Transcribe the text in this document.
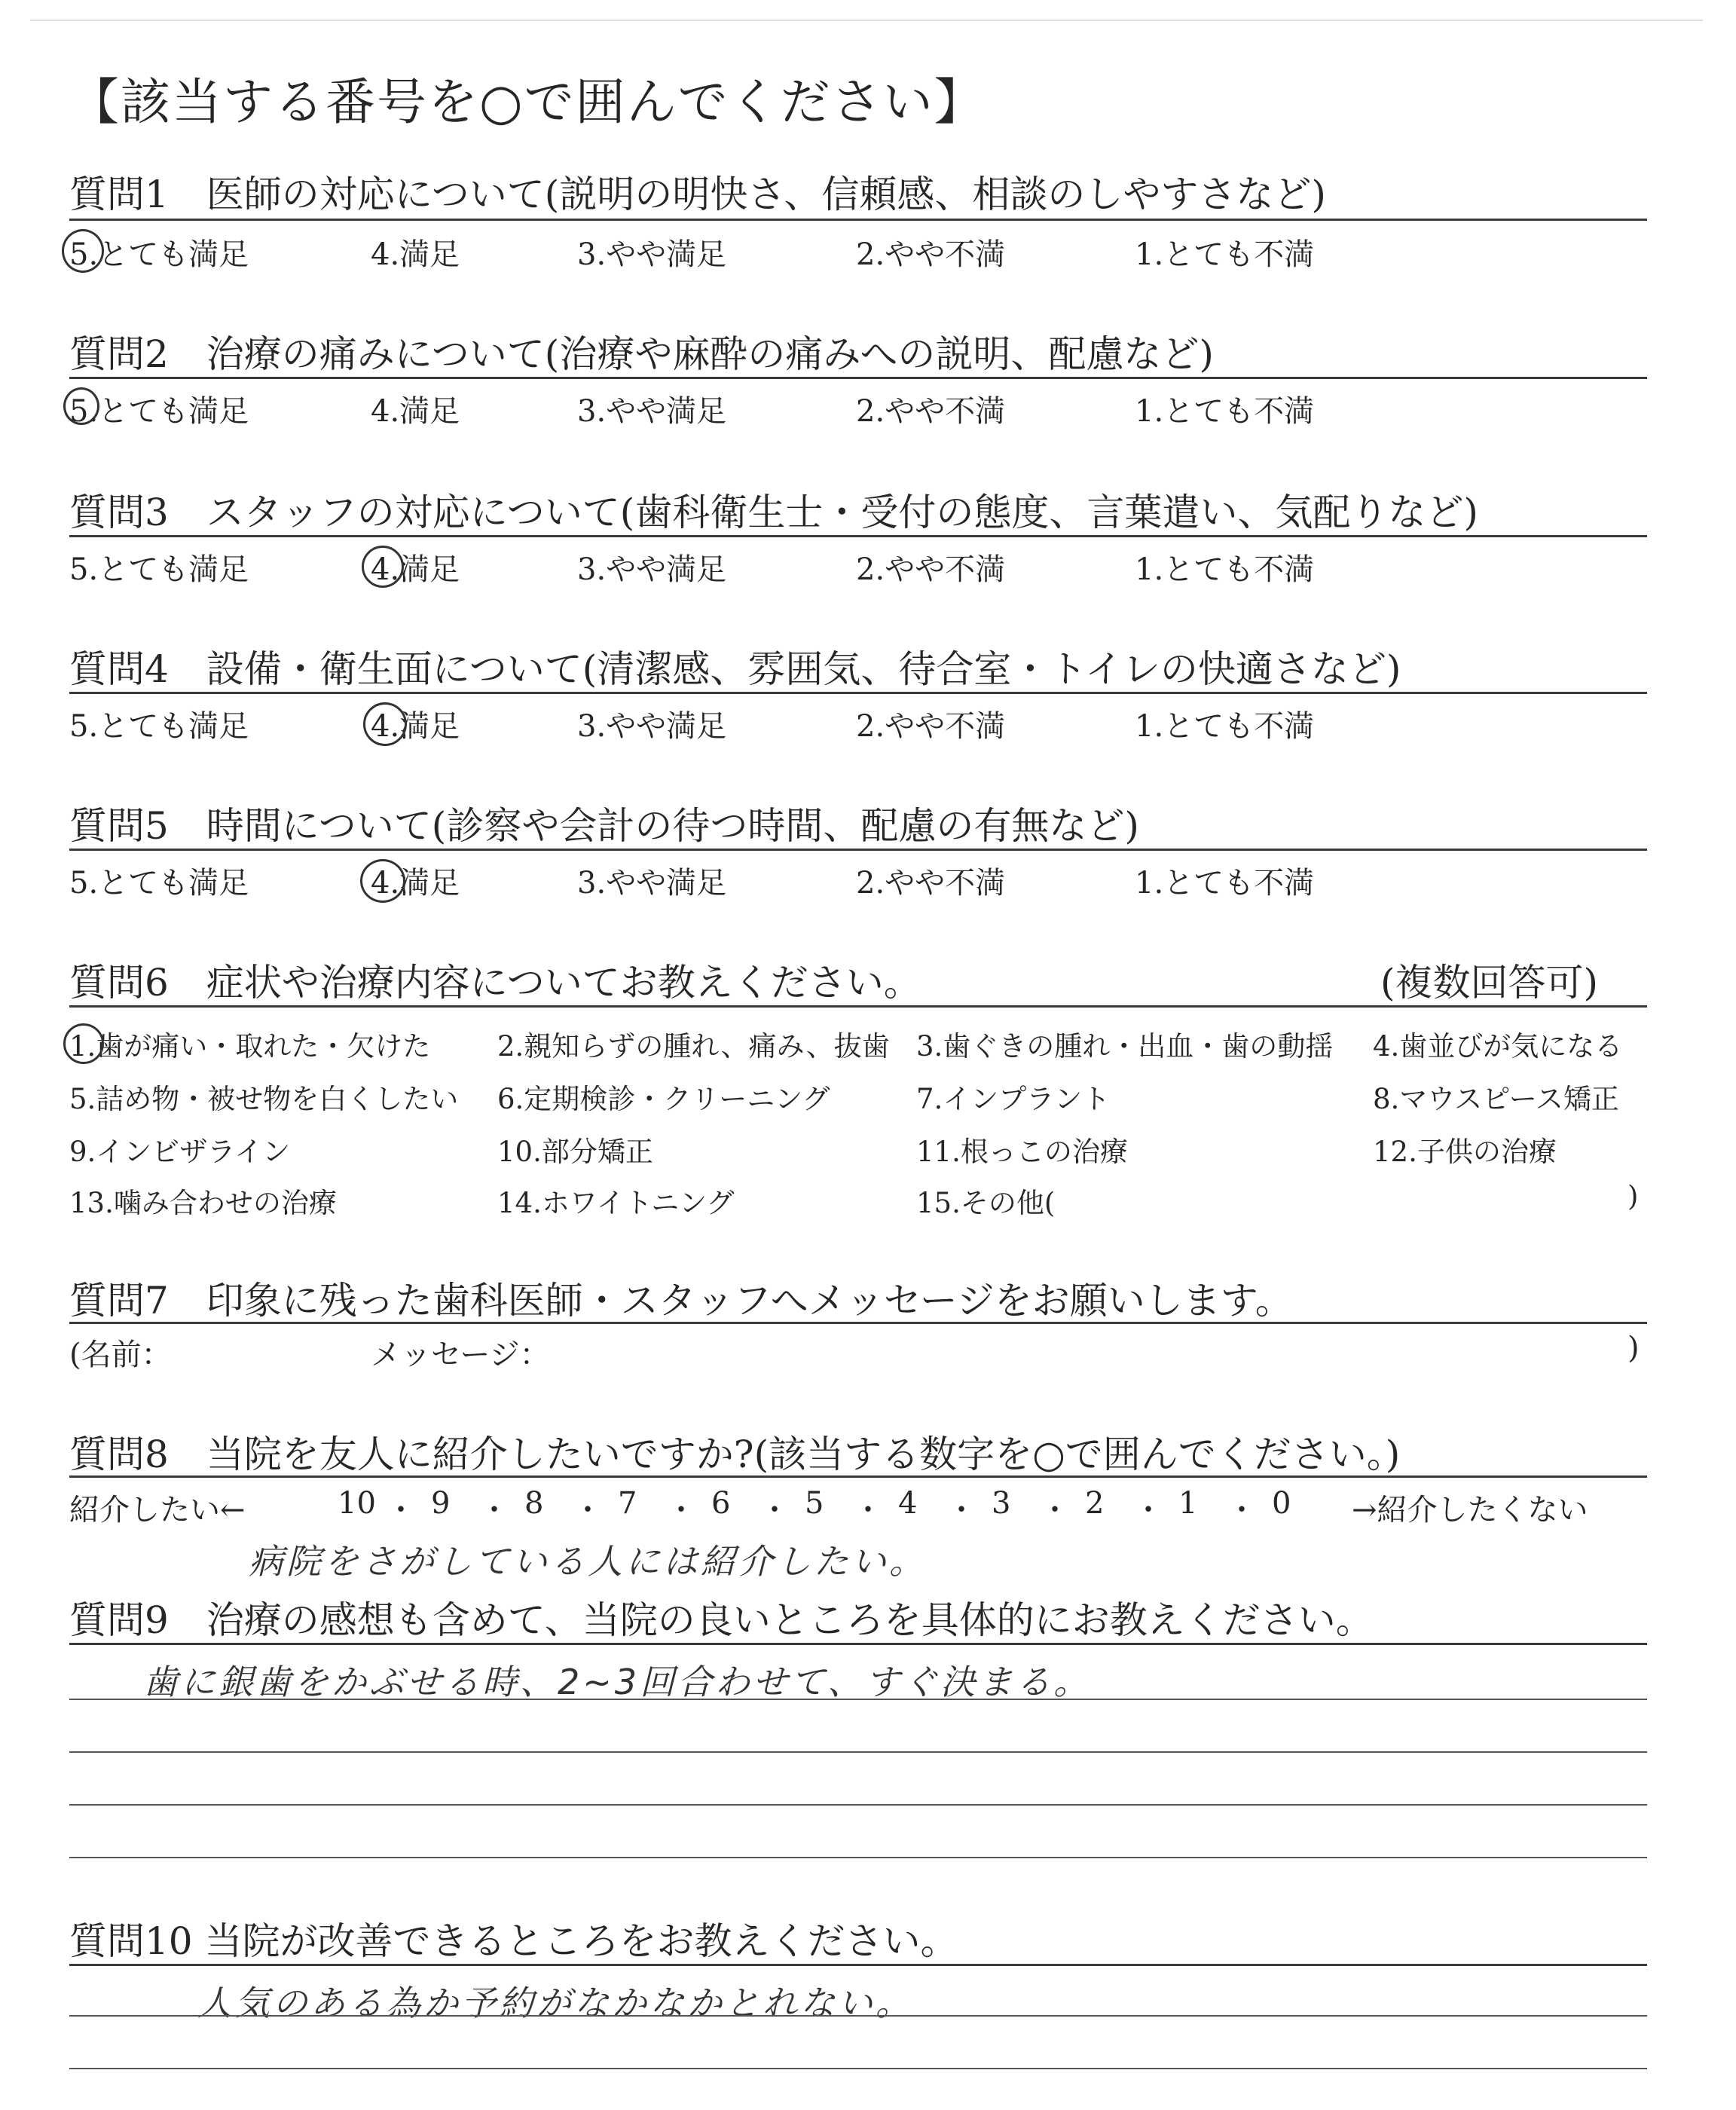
【該当する番号を○で囲んでください】
質問1　医師の対応について(説明の明快さ、信頼感、相談のしやすさなど)
5.とても満足	4.満足	3.やや満足	2.やや不満	1.とても不満
質問2　治療の痛みについて(治療や麻酔の痛みへの説明、配慮など)
5.とても満足	4.満足	3.やや満足	2.やや不満	1.とても不満
質問3　スタッフの対応について(歯科衛生士・受付の態度、言葉遣い、気配りなど)
5.とても満足	4.満足	3.やや満足	2.やや不満	1.とても不満
質問4　設備・衛生面について(清潔感、雰囲気、待合室・トイレの快適さなど)
5.とても満足	4.満足	3.やや満足	2.やや不満	1.とても不満
質問5　時間について(診察や会計の待つ時間、配慮の有無など)
5.とても満足	4.満足	3.やや満足	2.やや不満	1.とても不満
質問6　症状や治療内容についてお教えください。	(複数回答可)
1.歯が痛い・取れた・欠けた 2.親知らずの腫れ、痛み、抜歯 3.歯ぐきの腫れ・出血・歯の動揺 4.歯並びが気になる
5.詰め物・被せ物を白くしたい 6.定期検診・クリーニング	7.インプラント	8.マウスピース矯正
9.インビザライン	10.部分矯正	11.根っこの治療	12.子供の治療
13.噛み合わせの治療	14.ホワイトニング	15.その他(	)
質問7　印象に残った歯科医師・スタッフへメッセージをお願いします。
(名前：	メッセージ：	)
質問8　当院を友人に紹介したいですか?(該当する数字を○で囲んでください。)
紹介したい←	10 ・ 9 ・ 8 ・ 7 ・ 6 ・ 5 ・ 4 ・ 3 ・ 2 ・ 1 ・ 0 →紹介したくない
病院をさがしている人には紹介したい。
質問9　治療の感想も含めて、当院の良いところを具体的にお教えください。
歯に銀歯をかぶせる時、2~3回合わせて、すぐ決まる。
質問10 当院が改善できるところをお教えください。
人気のある為か予約がなかなかとれない。
